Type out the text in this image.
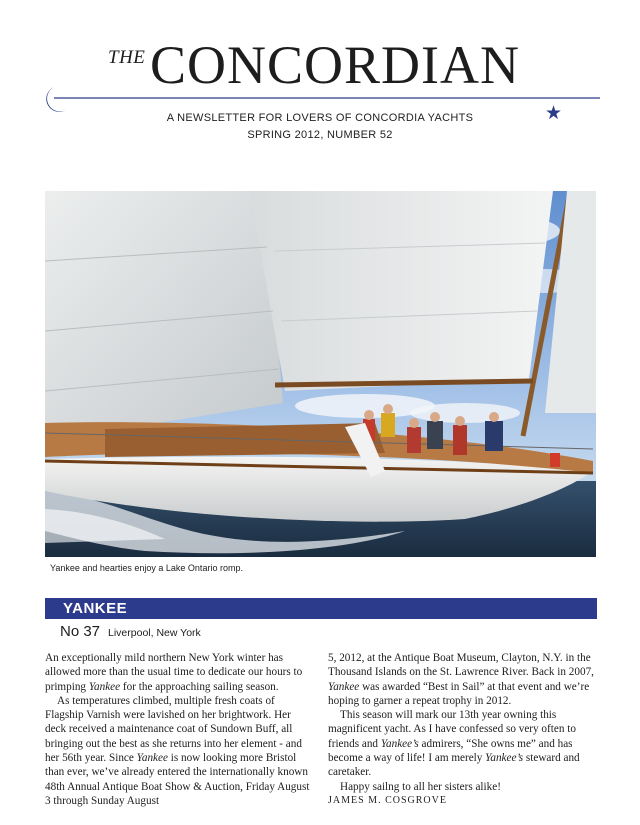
THE CONCORDIAN
★
A NEWSLETTER FOR LOVERS OF CONCORDIA YACHTS
SPRING 2012, NUMBER 52
Yankee and hearties enjoy a Lake Ontario romp.
YANKEE
No 37 Liverpool, New York

An exceptionally mild northern New York winter has allowed more than the usual time to dedicate our hours to primping Yankee for the approaching sailing season.

As temperatures climbed, multiple fresh coats of Flagship Varnish were lavished on her brightwork. Her deck received a maintenance coat of Sundown Buff, all bringing out the best as she returns into her element - and her 56th year. Since Yankee is now looking more Bristol than ever, we’ve already entered the internationally known 48th Annual Antique Boat Show & Auction, Friday August 3 through Sunday August

5, 2012, at the Antique Boat Museum, Clayton, N.Y. in the Thousand Islands on the St. Lawrence River. Back in 2007, Yankee was awarded “Best in Sail” at that event and we’re hoping to garner a repeat trophy in 2012.

This season will mark our 13th year owning this magnificent yacht. As I have confessed so very often to friends and Yankee’s admirers, “She owns me” and has become a way of life! I am merely Yankee’s steward and caretaker.

Happy sailng to all her sisters alike!

JAMES M. COSGROVE
